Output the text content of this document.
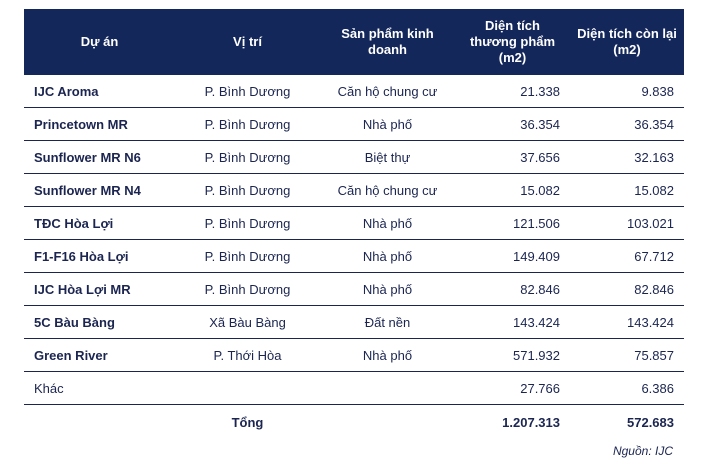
Dự án	Vị trí	Sản phẩm kinh doanh	Diện tích thương phẩm (m2)	Diện tích còn lại (m2)
IJC Aroma	P. Bình Dương	Căn hộ chung cư	21.338	9.838
Princetown MR	P. Bình Dương	Nhà phố	36.354	36.354
Sunflower MR N6	P. Bình Dương	Biệt thự	37.656	32.163
Sunflower MR N4	P. Bình Dương	Căn hộ chung cư	15.082	15.082
TĐC Hòa Lợi	P. Bình Dương	Nhà phố	121.506	103.021
F1-F16 Hòa Lợi	P. Bình Dương	Nhà phố	149.409	67.712
IJC Hòa Lợi MR	P. Bình Dương	Nhà phố	82.846	82.846
5C Bàu Bàng	Xã Bàu Bàng	Đất nền	143.424	143.424
Green River	P. Thới Hòa	Nhà phố	571.932	75.857
Khác			27.766	6.386
	Tổng		1.207.313	572.683
Nguồn: IJC
